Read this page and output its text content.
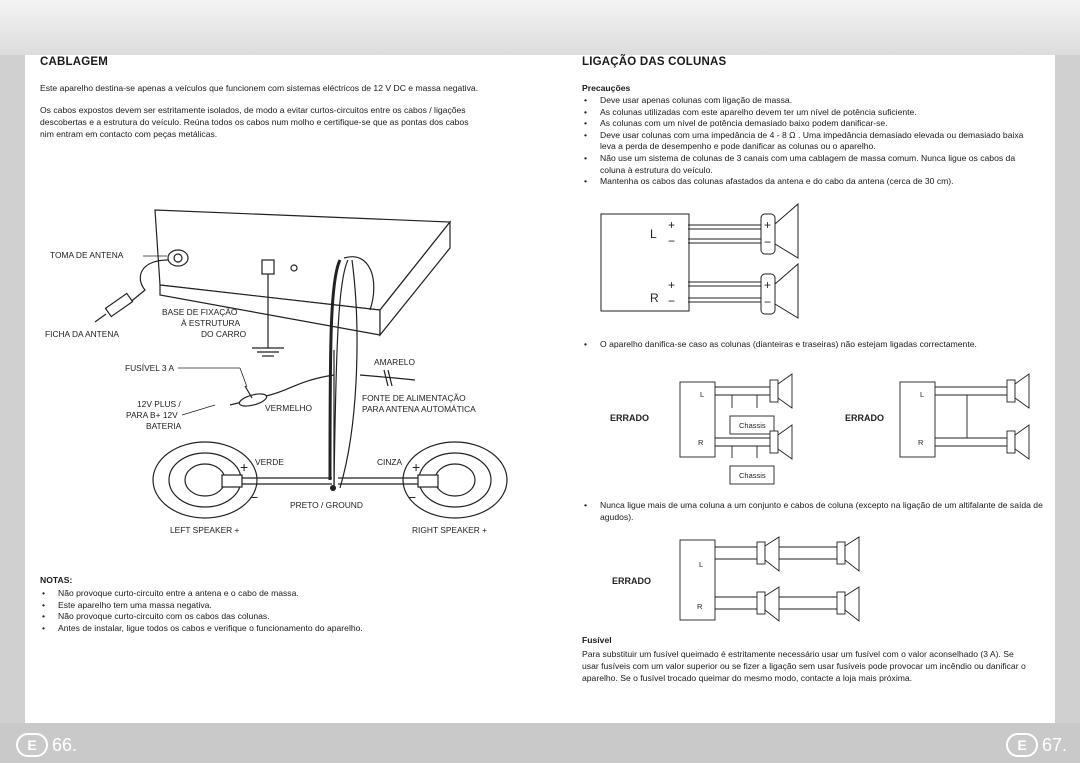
E 66.	E 67.
CABLAGEM

Este aparelho destina-se apenas a veículos que funcionem com sistemas eléctricos de 12 V DC e massa negativa.

Os cabos expostos devem ser estritamente isolados, de modo a evitar curtos-circuitos entre os cabos / ligações descobertas e a estrutura do veículo. Reúna todos os cabos num molho e certifique-se que as pontas dos cabos nim entram em contacto com peças metálicas.

TOMA DE ANTENA
FICHA DA ANTENA
BASE DE FIXAÇÃO
À ESTRUTURA
DO CARRO
FUSÍVEL 3 A
12V PLUS /
PARA B+ 12V
BATERIA
VERMELHO
AMARELO
FONTE DE ALIMENTAÇÃO
PARA ANTENA AUTOMÁTICA
VERDE	CINZA
PRETO / GROUND
LEFT SPEAKER +	RIGHT SPEAKER +
+	+
−	−

NOTAS:

• Não provoque curto-circuito entre a antena e o cabo de massa.
• Este aparelho tem uma massa negativa.
• Não provoque curto-circuito com os cabos das colunas.
• Antes de instalar, ligue todos os cabos e verifique o funcionamento do aparelho.
LIGAÇÃO DAS COLUNAS

Precauções

• Deve usar apenas colunas com ligação de massa.
• As colunas utilizadas com este aparelho devem ter um nível de potência suficiente.
• As colunas com um nível de potência demasiado baixo podem danificar-se.
• Deve usar colunas com uma impedância de 4 - 8 Ω . Uma impedância demasiado elevada ou demasiado baixa leva a perda de desempenho e pode danificar as colunas ou o aparelho.
• Não use um sistema de colunas de 3 canais com uma cablagem de massa comum. Nunca ligue os cabos da coluna à estrutura do veículo.
• Mantenha os cabos das colunas afastados da antena e do cabo da antena (cerca de 30 cm).
L
R
+
−
+
−
+
−
+
−
• O aparelho danifica-se caso as colunas (dianteiras e traseiras) não estejam ligadas correctamente.
Chassis
Chassis
L
R
L
R
ERRADO	ERRADO
• Nunca ligue mais de uma coluna a um conjunto e cabos de coluna (excepto na ligação de um altifalante de saída de agudos).
L
R
ERRADO

Fusível

Para substituir um fusível queimado é estritamente necessário usar um fusível com o valor aconselhado (3 A). Se usar fusíveis com um valor superior ou se fizer a ligação sem usar fusíveis pode provocar um incêndio ou danificar o aparelho. Se o fusível trocado queimar do mesmo modo, contacte a loja mais próxima.
